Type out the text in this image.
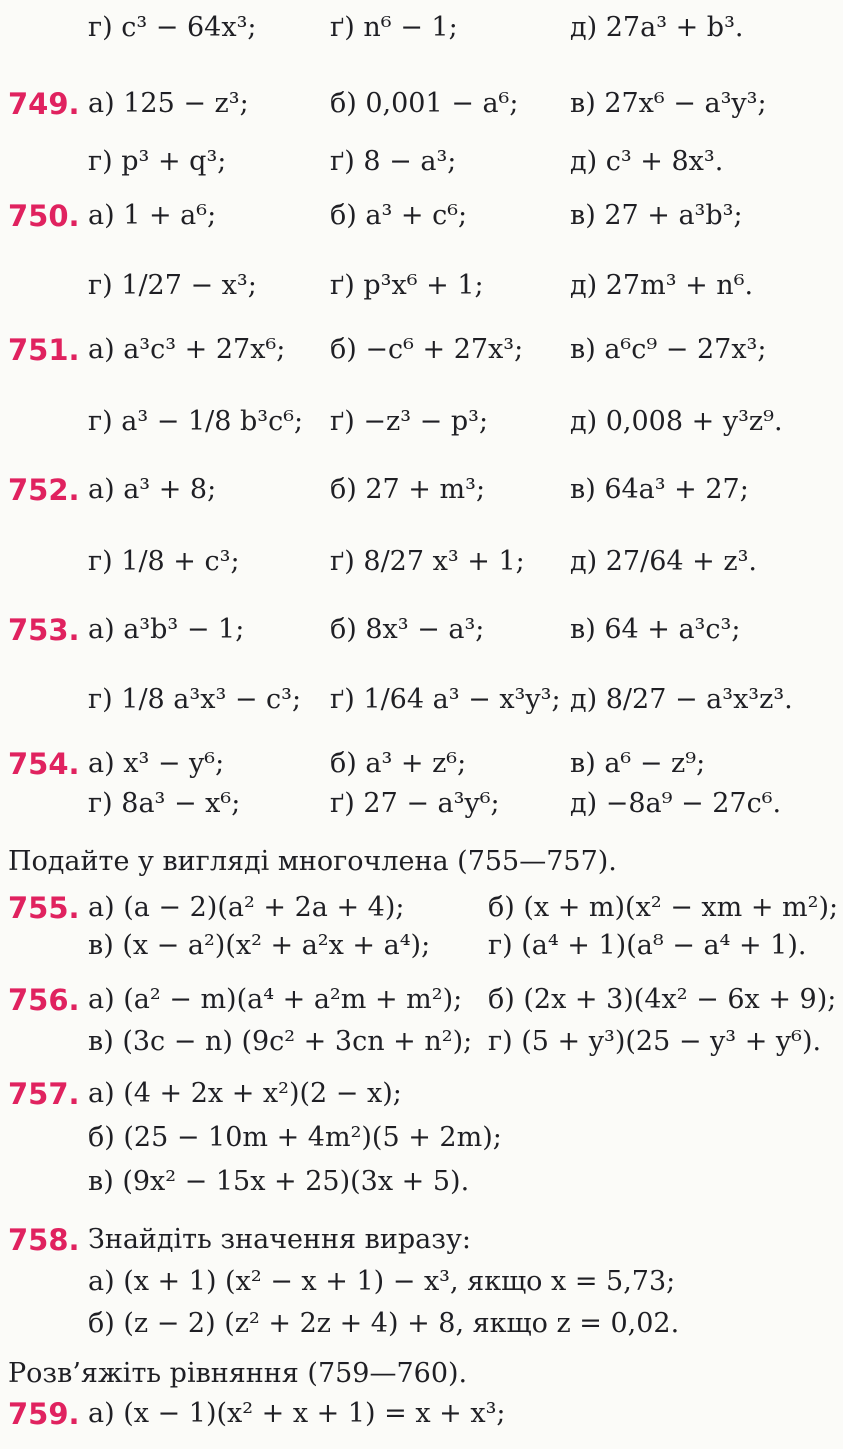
г) c³ − 64x³;	ґ) n⁶ − 1;	д) 27a³ + b³.
749. а) 125 − z³;	б) 0,001 − a⁶; в) 27x⁶ − a³y³;
г) p³ + q³;	ґ) 8 − a³;	д) c³ + 8x³.
750. а) 1 + a⁶;	б) a³ + c⁶;	в) 27 + a³b³;
г) 1/27 − x³;	ґ) p³x⁶ + 1;	д) 27m³ + n⁶.
751. а) a³c³ + 27x⁶; б) −c⁶ + 27x³; в) a⁶c⁹ − 27x³;
г) a³ − 1/8 b³c⁶; ґ) −z³ − p³;	д) 0,008 + y³z⁹.
752. а) a³ + 8;	б) 27 + m³;	в) 64a³ + 27;
г) 1/8 + c³;	ґ) 8/27 x³ + 1; д) 27/64 + z³.
753. а) a³b³ − 1;	б) 8x³ − a³;	в) 64 + a³c³;
г) 1/8 a³x³ − c³; ґ) 1/64 a³ − x³y³; д) 8/27 − a³x³z³.
754. а) x³ − y⁶;	б) a³ + z⁶;	в) a⁶ − z⁹;
г) 8a³ − x⁶;	ґ) 27 − a³y⁶;	д) −8a⁹ − 27c⁶.
Подайте у вигляді многочлена (755—757).
755. а) (a − 2)(a² + 2a + 4);	б) (x + m)(x² − xm + m²);
в) (x − a²)(x² + a²x + a⁴); г) (a⁴ + 1)(a⁸ − a⁴ + 1).
756. а) (a² − m)(a⁴ + a²m + m²); б) (2x + 3)(4x² − 6x + 9);
в) (3c − n) (9c² + 3cn + n²); г) (5 + y³)(25 − y³ + y⁶).
757. а) (4 + 2x + x²)(2 − x);
б) (25 − 10m + 4m²)(5 + 2m);
в) (9x² − 15x + 25)(3x + 5).
758. Знайдіть значення виразу:
а) (x + 1) (x² − x + 1) − x³, якщо x = 5,73;
б) (z − 2) (z² + 2z + 4) + 8, якщо z = 0,02.
Розв’яжіть рівняння (759—760).
759. а) (x − 1)(x² + x + 1) = x + x³;
